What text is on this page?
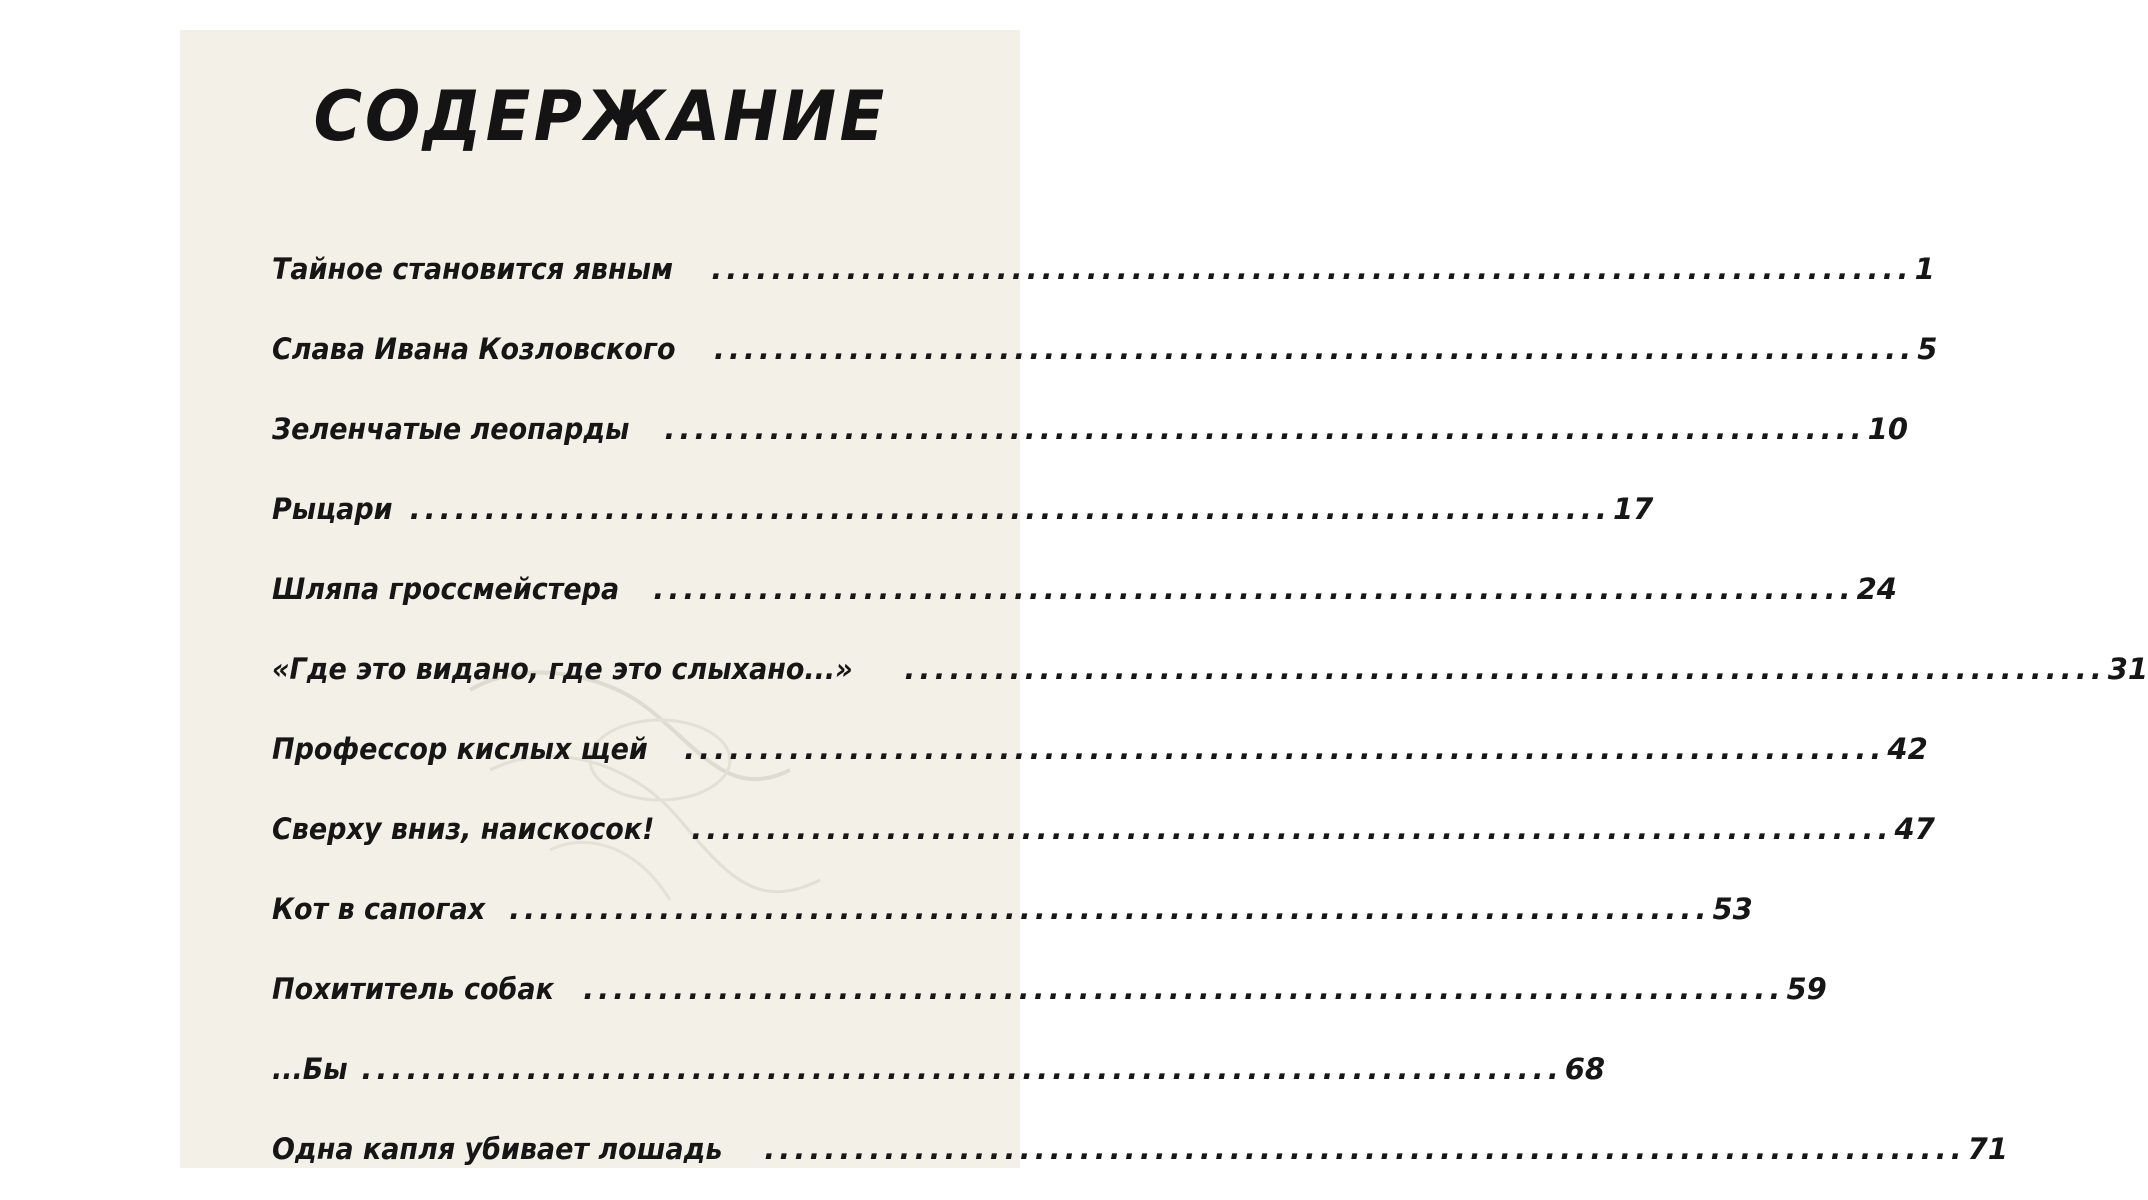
СОДЕРЖАНИЕ
Тайное становится явным ................................................................................ 1
Слава Ивана Козловского ................................................................................ 5
Зеленчатые леопарды ................................................................................ 10
Рыцари ................................................................................ 17
Шляпа гроссмейстера ................................................................................ 24
«Где это видано, где это слыхано...» ................................................................................ 31
Профессор кислых щей ................................................................................ 42
Сверху вниз, наискосок! ................................................................................ 47
Кот в сапогах ................................................................................ 53
Похититель собак ................................................................................ 59
...Бы ................................................................................ 68
Одна капля убивает лошадь ................................................................................ 71
